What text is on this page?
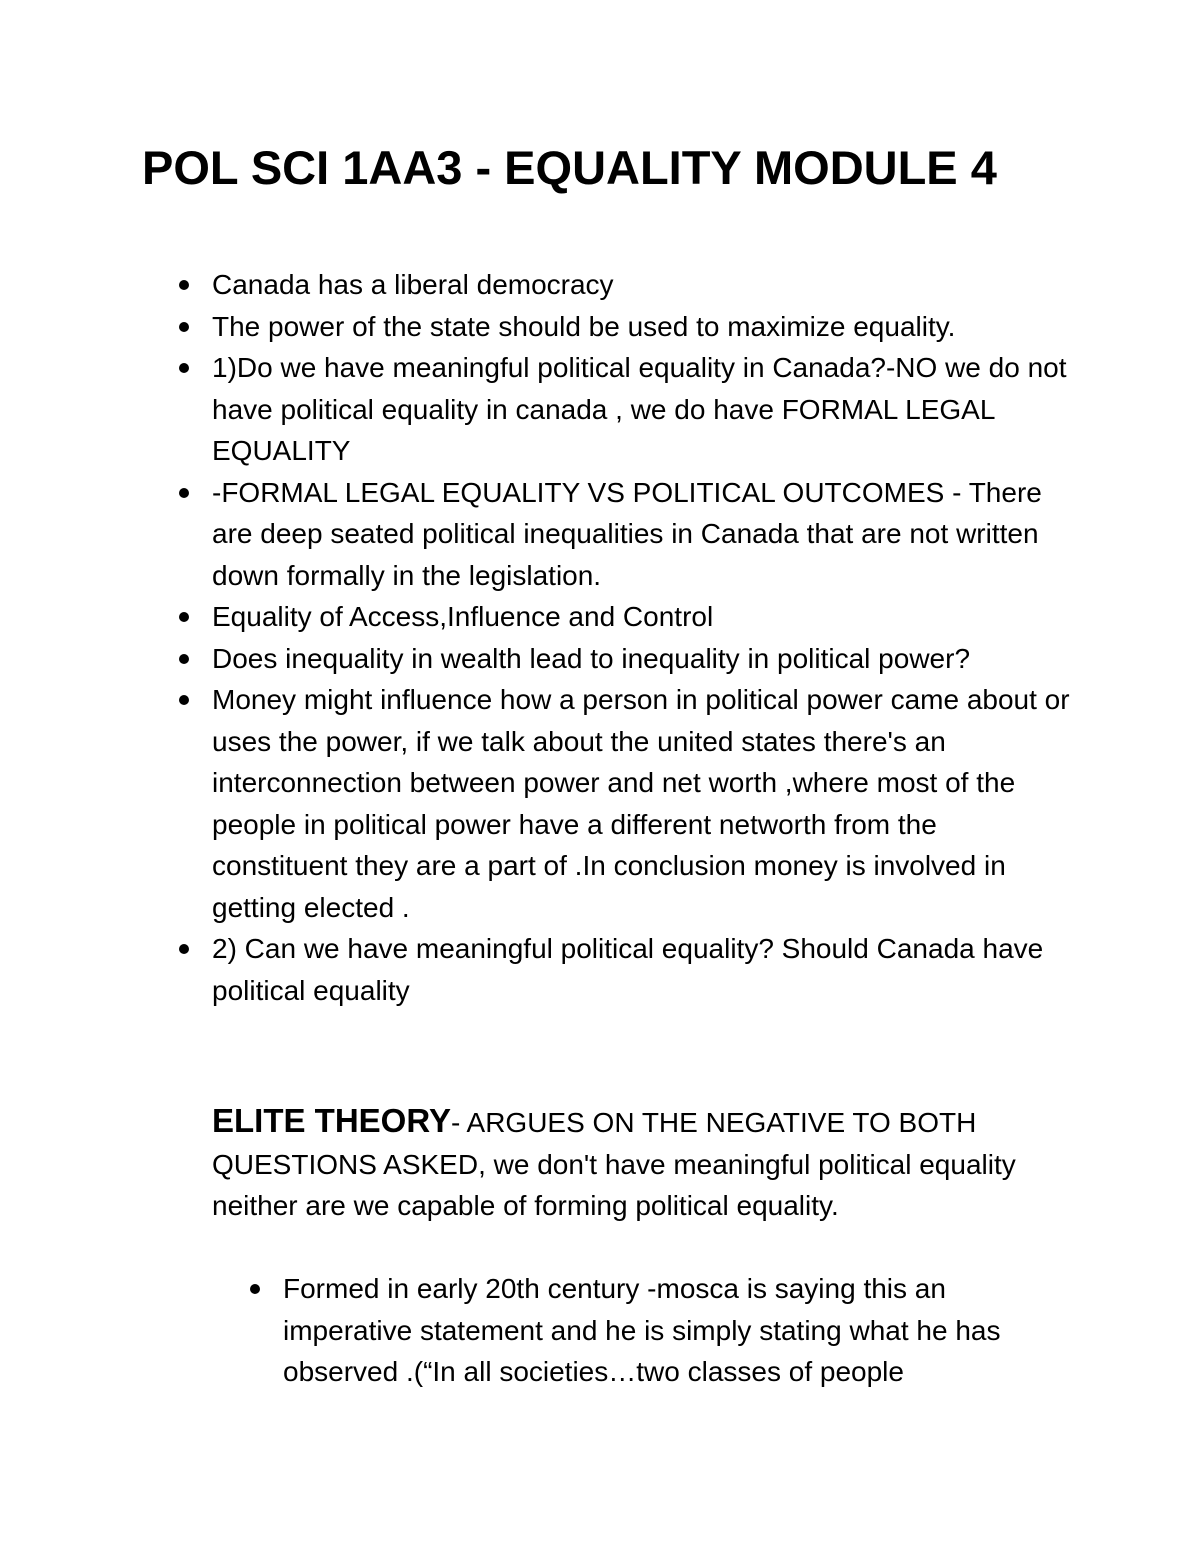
POL SCI 1AA3 - EQUALITY MODULE 4
Canada has a liberal democracy
The power of the state should be used to maximize equality.
1)Do we have meaningful political equality in Canada?-NO we do not have political equality in canada , we do have FORMAL LEGAL EQUALITY
-FORMAL LEGAL EQUALITY VS POLITICAL OUTCOMES - There are deep seated political inequalities in Canada that are not written down formally in the legislation.
Equality of Access,Influence and Control
Does inequality in wealth lead to inequality in political power?
Money might influence how a person in political power came about or uses the power, if we talk about the united states there's an interconnection between power and net worth ,where most of the people in political power have a different networth from the constituent they are a part of .In conclusion money is involved in getting elected .
2) Can we have meaningful political equality? Should Canada have political equality

ELITE THEORY- ARGUES ON THE NEGATIVE TO BOTH QUESTIONS ASKED, we don't have meaningful political equality neither are we capable of forming political equality.

Formed in early 20th century -mosca is saying this an imperative statement and he is simply stating what he has observed .(“In all societies…two classes of people
